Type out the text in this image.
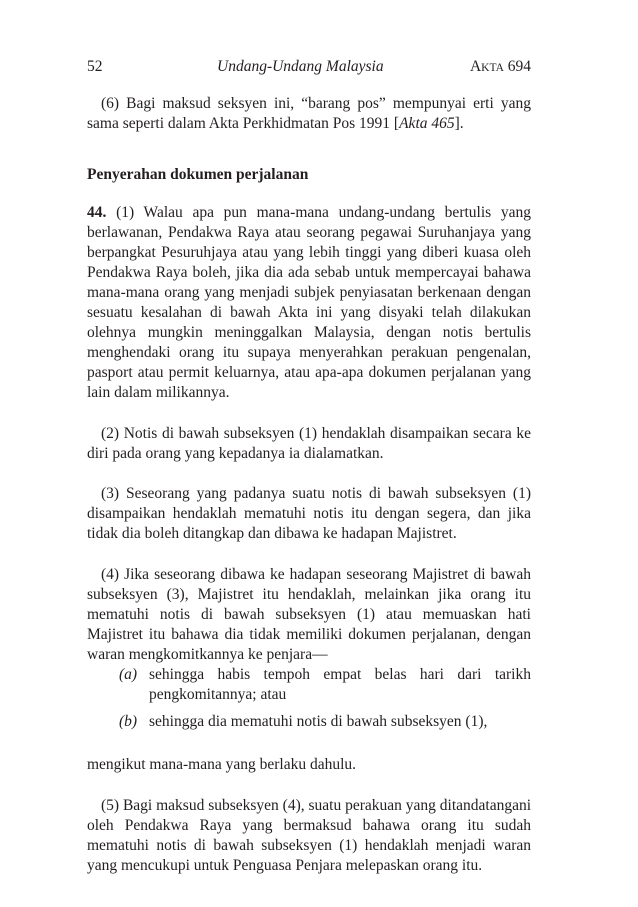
52	Undang-Undang Malaysia	AKTA 694

(6) Bagi maksud seksyen ini, “barang pos” mempunyai erti yang sama seperti dalam Akta Perkhidmatan Pos 1991 [Akta 465].

Penyerahan dokumen perjalanan

44. (1) Walau apa pun mana-mana undang-undang bertulis yang berlawanan, Pendakwa Raya atau seorang pegawai Suruhanjaya yang berpangkat Pesuruhjaya atau yang lebih tinggi yang diberi kuasa oleh Pendakwa Raya boleh, jika dia ada sebab untuk mempercayai bahawa mana-mana orang yang menjadi subjek penyiasatan berkenaan dengan sesuatu kesalahan di bawah Akta ini yang disyaki telah dilakukan olehnya mungkin meninggalkan Malaysia, dengan notis bertulis menghendaki orang itu supaya menyerahkan perakuan pengenalan, pasport atau permit keluarnya, atau apa-apa dokumen perjalanan yang lain dalam milikannya.

(2) Notis di bawah subseksyen (1) hendaklah disampaikan secara ke diri pada orang yang kepadanya ia dialamatkan.

(3) Seseorang yang padanya suatu notis di bawah subseksyen (1) disampaikan hendaklah mematuhi notis itu dengan segera, dan jika tidak dia boleh ditangkap dan dibawa ke hadapan Majistret.

(4) Jika seseorang dibawa ke hadapan seseorang Majistret di bawah subseksyen (3), Majistret itu hendaklah, melainkan jika orang itu mematuhi notis di bawah subseksyen (1) atau memuaskan hati Majistret itu bahawa dia tidak memiliki dokumen perjalanan, dengan waran mengkomitkannya ke penjara—

(a) sehingga habis tempoh empat belas hari dari tarikh pengkomitannya; atau
(b) sehingga dia mematuhi notis di bawah subseksyen (1),

mengikut mana-mana yang berlaku dahulu.

(5) Bagi maksud subseksyen (4), suatu perakuan yang ditandatangani oleh Pendakwa Raya yang bermaksud bahawa orang itu sudah mematuhi notis di bawah subseksyen (1) hendaklah menjadi waran yang mencukupi untuk Penguasa Penjara melepaskan orang itu.
